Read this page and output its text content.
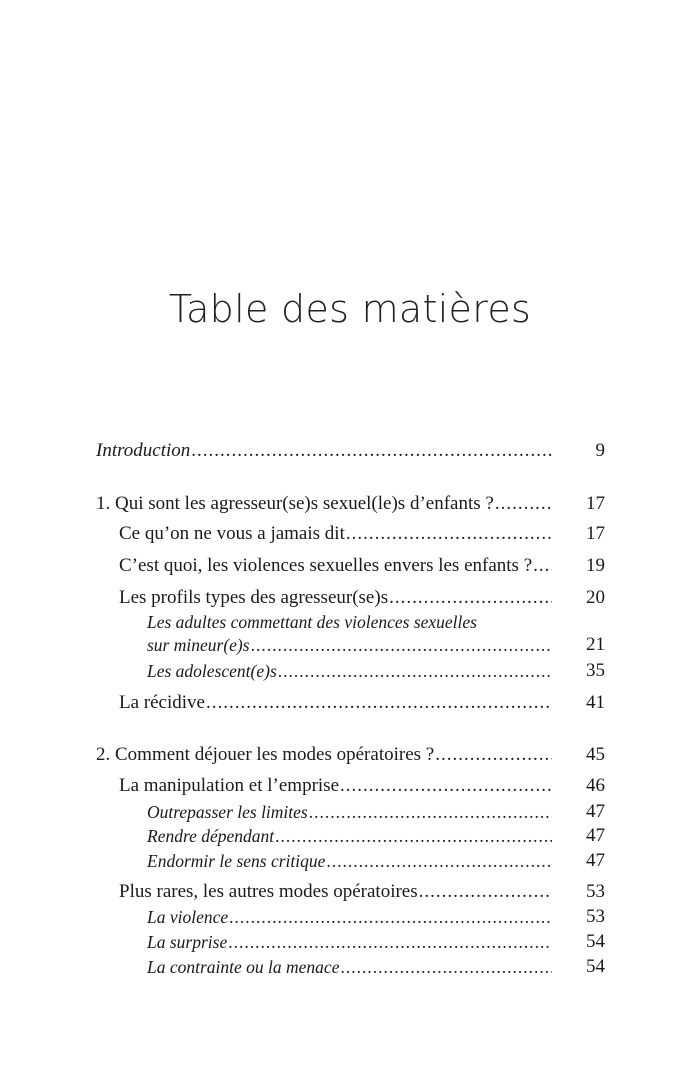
Table des matières
Introduction .....	9
1. Qui sont les agresseur(se)s sexuel(le)s d’enfants ? .....	17
Ce qu’on ne vous a jamais dit .....	17
C’est quoi, les violences sexuelles envers les enfants ? .....	19
Les profils types des agresseur(se)s .....	20
Les adultes commettant des violences sexuelles
sur mineur(e)s .....	21
Les adolescent(e)s .....	35
La récidive .....	41
2. Comment déjouer les modes opératoires ? .....	45
La manipulation et l’emprise .....	46
Outrepasser les limites .....	47
Rendre dépendant .....	47
Endormir le sens critique .....	47
Plus rares, les autres modes opératoires .....	53
La violence .....	53
La surprise .....	54
La contrainte ou la menace .....	54
